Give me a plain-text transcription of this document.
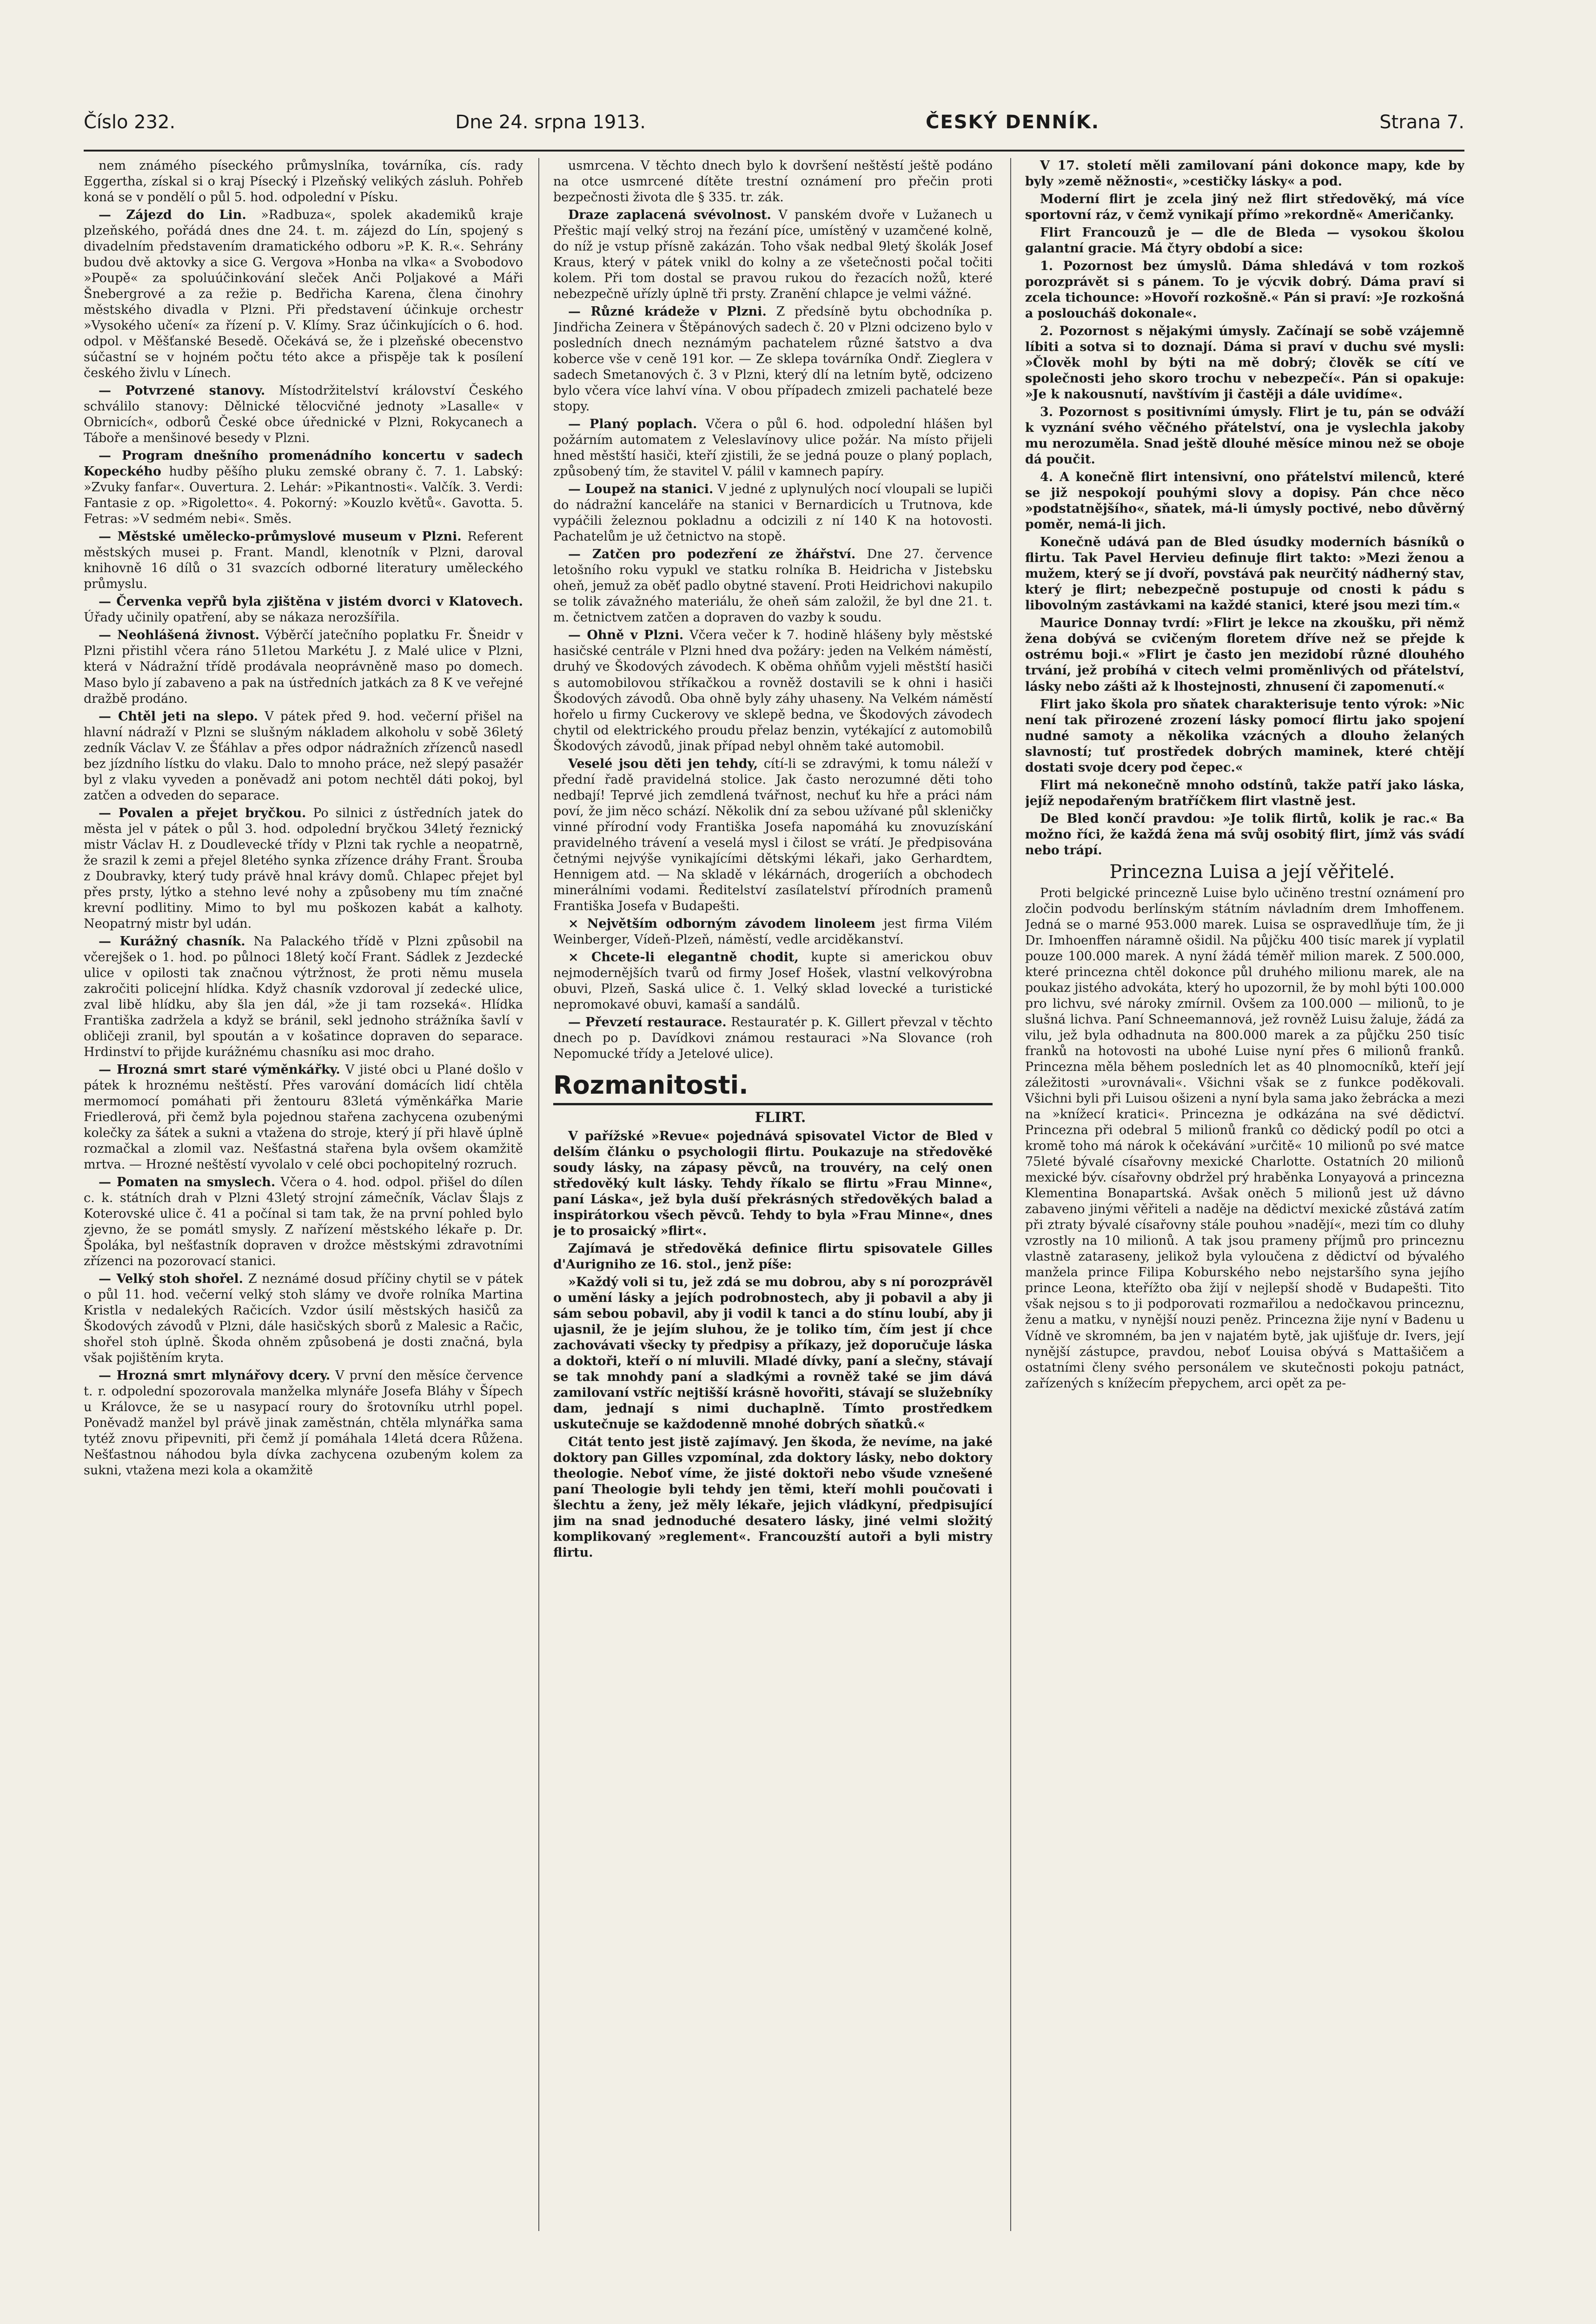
Číslo 232.	Dne 24. srpna 1913.	ČESKÝ DENNÍK.	Strana 7.

nem známého píseckého průmyslníka, továrníka, cís. rady Eggertha, získal si o kraj Písecký i Plzeňský velikých zásluh. Pohřeb koná se v pondělí o půl 5. hod. odpolední v Písku.

— Zájezd do Lin. »Radbuza«, spolek akademiků kraje plzeňského, pořádá dnes dne 24. t. m. zájezd do Lín, spojený s divadelním představením dramatického odboru »P. K. R.«. Sehrány budou dvě aktovky a sice G. Vergova »Honba na vlka« a Svobodovo »Poupě« za spoluúčinkování sleček Anči Poljakové a Máři Šnebergrové a za režie p. Bedřicha Karena, člena činohry městského divadla v Plzni. Při představení účinkuje orchestr »Vysokého učení« za řízení p. V. Klímy. Sraz účinkujících o 6. hod. odpol. v Měšťanské Besedě. Očekává se, že i plzeňské obecenstvo súčastní se v hojném počtu této akce a přispěje tak k posílení českého živlu v Línech.

— Potvrzené stanovy. Místodržitelství království Českého schválilo stanovy: Dělnické tělocvičné jednoty »Lasalle« v Obrnicích«, odborů České obce úřednické v Plzni, Rokycanech a Táboře a menšinové besedy v Plzni.

— Program dnešního promenádního koncertu v sadech Kopeckého hudby pěšího pluku zemské obrany č. 7. 1. Labský: »Zvuky fanfar«. Ouvertura. 2. Lehár: »Pikantnosti«. Valčík. 3. Verdi: Fantasie z op. »Rigoletto«. 4. Pokorný: »Kouzlo květů«. Gavotta. 5. Fetras: »V sedmém nebi«. Směs.

— Městské umělecko-průmyslové museum v Plzni. Referent městských musei p. Frant. Mandl, klenotník v Plzni, daroval knihovně 16 dílů o 31 svazcích odborné literatury uměleckého průmyslu.

— Červenka vepřů byla zjištěna v jistém dvorci v Klatovech. Úřady učinily opatření, aby se nákaza nerozšířila.

— Neohlášená živnost. Výběrčí jatečního poplatku Fr. Šneidr v Plzni přistihl včera ráno 51letou Markétu J. z Malé ulice v Plzni, která v Nádražní třídě prodávala neoprávněně maso po domech. Maso bylo jí zabaveno a pak na ústředních jatkách za 8 K ve veřejné dražbě prodáno.

— Chtěl jeti na slepo. V pátek před 9. hod. večerní přišel na hlavní nádraží v Plzni se slušným nákladem alkoholu v sobě 36letý zedník Václav V. ze Šťáhlav a přes odpor nádražních zřízenců nasedl bez jízdního lístku do vlaku. Dalo to mnoho práce, než slepý pasažér byl z vlaku vyveden a poněvadž ani potom nechtěl dáti pokoj, byl zatčen a odveden do separace.

— Povalen a přejet bryčkou. Po silnici z ústředních jatek do města jel v pátek o půl 3. hod. odpolední bryčkou 34letý řeznický mistr Václav H. z Doudlevecké třídy v Plzni tak rychle a neopatrně, že srazil k zemi a přejel 8letého synka zřízence dráhy Frant. Šrouba z Doubravky, který tudy právě hnal krávy domů. Chlapec přejet byl přes prsty, lýtko a stehno levé nohy a způsobeny mu tím značné krevní podlitiny. Mimo to byl mu poškozen kabát a kalhoty. Neopatrný mistr byl udán.

— Kurážný chasník. Na Palackého třídě v Plzni způsobil na včerejšek o 1. hod. po půlnoci 18letý kočí Frant. Sádlek z Jezdecké ulice v opilosti tak značnou výtržnost, že proti němu musela zakročiti policejní hlídka. Když chasník vzdoroval jí zedecké ulice, zval libě hlídku, aby šla jen dál, »že ji tam rozseká«. Hlídka Františka zadržela a když se bránil, sekl jednoho strážníka šavlí v obličeji zranil, byl spoután a v košatince dopraven do separace. Hrdinství to přijde kurážnému chasníku asi moc draho.

— Hrozná smrt staré výměnkářky. V jisté obci u Plané došlo v pátek k hroznému neštěstí. Přes varování domácích lidí chtěla mermomocí pomáhati při žentouru 83letá výměnkářka Marie Friedlerová, při čemž byla pojednou stařena zachycena ozubenými kolečky za šátek a sukni a vtažena do stroje, který jí při hlavě úplně rozmačkal a zlomil vaz. Nešťastná stařena byla ovšem okamžitě mrtva. — Hrozné neštěstí vyvolalo v celé obci pochopitelný rozruch.

— Pomaten na smyslech. Včera o 4. hod. odpol. přišel do dílen c. k. státních drah v Plzni 43letý strojní zámečník, Václav Šlajs z Koterovské ulice č. 41 a počínal si tam tak, že na první pohled bylo zjevno, že se pomátl smysly. Z nařízení městského lékaře p. Dr. Špoláka, byl nešťastník dopraven v drožce městskými zdravotními zřízenci na pozorovací stanici.

— Velký stoh shořel. Z neznámé dosud příčiny chytil se v pátek o půl 11. hod. večerní velký stoh slámy ve dvoře rolníka Martina Kristla v nedalekých Račicích. Vzdor úsilí městských hasičů za Škodových závodů v Plzni, dále hasičských sborů z Malesic a Račic, shořel stoh úplně. Škoda ohněm způsobená je dosti značná, byla však pojištěním kryta.

— Hrozná smrt mlynářovy dcery. V první den měsíce července t. r. odpolední spozorovala manželka mlynáře Josefa Bláhy v Šípech u Královce, že se u nasypací roury do šrotovníku utrhl popel. Poněvadž manžel byl právě jinak zaměstnán, chtěla mlynářka sama tytéž znovu připevniti, při čemž jí pomáhala 14letá dcera Růžena. Nešťastnou náhodou byla dívka zachycena ozubeným kolem za sukni, vtažena mezi kola a okamžitě

usmrcena. V těchto dnech bylo k dovršení neštěstí ještě podáno na otce usmrcené dítěte trestní oznámení pro přečin proti bezpečnosti života dle § 335. tr. zák.

Draze zaplacená svévolnost. V panském dvoře v Lužanech u Přeštic mají velký stroj na řezání píce, umístěný v uzamčené kolně, do níž je vstup přísně zakázán. Toho však nedbal 9letý školák Josef Kraus, který v pátek vnikl do kolny a ze všetečnosti počal točiti kolem. Při tom dostal se pravou rukou do řezacích nožů, které nebezpečně uřízly úplně tři prsty. Zranění chlapce je velmi vážné.

— Různé krádeže v Plzni. Z předsíně bytu obchodníka p. Jindřicha Zeinera v Štěpánových sadech č. 20 v Plzni odcizeno bylo v posledních dnech neznámým pachatelem různé šatstvo a dva koberce vše v ceně 191 kor. — Ze sklepa továrníka Ondř. Zieglera v sadech Smetanových č. 3 v Plzni, který dlí na letním bytě, odcizeno bylo včera více lahví vína. V obou případech zmizeli pachatelé beze stopy.

— Planý poplach. Včera o půl 6. hod. odpolední hlášen byl požárním automatem z Veleslavínovy ulice požár. Na místo přijeli hned městští hasiči, kteří zjistili, že se jedná pouze o planý poplach, způsobený tím, že stavitel V. pálil v kamnech papíry.

— Loupež na stanici. V jedné z uplynulých nocí vloupali se lupiči do nádražní kanceláře na stanici v Bernardicích u Trutnova, kde vypáčili železnou pokladnu a odcizili z ní 140 K na hotovosti. Pachatelům je už četnictvo na stopě.

— Zatčen pro podezření ze žhářství. Dne 27. července letošního roku vypukl ve statku rolníka B. Heidricha v Jistebsku oheň, jemuž za oběť padlo obytné stavení. Proti Heidrichovi nakupilo se tolik závažného materiálu, že oheň sám založil, že byl dne 21. t. m. četnictvem zatčen a dopraven do vazby k soudu.

— Ohně v Plzni. Včera večer k 7. hodině hlášeny byly městské hasičské centrále v Plzni hned dva požáry: jeden na Velkém náměstí, druhý ve Škodových závodech. K oběma ohňům vyjeli městští hasiči s automobilovou stříkačkou a rovněž dostavili se k ohni i hasiči Škodových závodů. Oba ohně byly záhy uhaseny. Na Velkém náměstí hořelo u firmy Cuckerovy ve sklepě bedna, ve Škodových závodech chytil od elektrického proudu přelaz benzin, vytékající z automobilů Škodových závodů, jinak případ nebyl ohněm také automobil.

Veselé jsou děti jen tehdy, cítí-li se zdravými, k tomu náleží v přední řadě pravidelná stolice. Jak často nerozumné děti toho nedbají! Teprvé jich zemdlená tvářnost, nechuť ku hře a práci nám poví, že jim něco schází. Několik dní za sebou užívané půl skleničky vinné přírodní vody Františka Josefa napomáhá ku znovuzískání pravidelného trávení a veselá mysl i čilost se vrátí. Je předpisována četnými nejvýše vynikajícími dětskými lékaři, jako Gerhardtem, Hennigem atd. — Na skladě v lékárnách, drogeriích a obchodech minerálními vodami. Ředitelství zasílatelství přírodních pramenů Františka Josefa v Budapešti.

× Největším odborným závodem linoleem jest firma Vilém Weinberger, Vídeň-Plzeň, náměstí, vedle arciděkanství.

× Chcete-li elegantně chodit, kupte si americkou obuv nejmodernějších tvarů od firmy Josef Hošek, vlastní velkovýrobna obuvi, Plzeň, Saská ulice č. 1. Velký sklad lovecké a turistické nepromokavé obuvi, kamaší a sandálů.

— Převzetí restaurace. Restauratér p. K. Gillert převzal v těchto dnech po p. Davídkovi známou restauraci »Na Slovance (roh Nepomucké třídy a Jetelové ulice).

Rozmanitosti.

FLIRT.

V pařížské »Revue« pojednává spisovatel Victor de Bled v delším článku o psychologii flirtu. Poukazuje na středověké soudy lásky, na zápasy pěvců, na trouvéry, na celý onen středověký kult lásky. Tehdy říkalo se flirtu »Frau Minne«, paní Láska«, jež byla duší překrásných středověkých balad a inspirátorkou všech pěvců. Tehdy to byla »Frau Minne«, dnes je to prosaický »flirt«.

Zajímavá je středověká definice flirtu spisovatele Gilles d'Aurigniho ze 16. stol., jenž píše:

»Každý voli si tu, jež zdá se mu dobrou, aby s ní porozprávěl o umění lásky a jejích podrobnostech, aby ji pobavil a aby ji sám sebou pobavil, aby ji vodil k tanci a do stínu loubí, aby ji ujasnil, že je jejím sluhou, že je toliko tím, čím jest jí chce zachovávati všecky ty předpisy a příkazy, jež doporučuje láska a doktoři, kteří o ní mluvili. Mladé dívky, paní a slečny, stávají se tak mnohdy paní a sladkými a rovněž také se jim dává zamilovaní vstříc nejtišší krásně hovořiti, stávají se služebníky dam, jednají s nimi duchaplně. Tímto prostředkem uskutečnuje se každodenně mnohé dobrých sňatků.«

Citát tento jest jistě zajímavý. Jen škoda, že nevíme, na jaké doktory pan Gilles vzpomínal, zda doktory lásky, nebo doktory theologie. Neboť víme, že jisté doktoři nebo všude vznešené paní Theologie byli tehdy jen těmi, kteří mohli poučovati i šlechtu a ženy, jež měly lékaře, jejich vládkyní, předpisující jim na snad jednoduché desatero lásky, jiné velmi složitý komplikovaný »reglement«. Francouzští autoři a byli mistry flirtu.

V 17. století měli zamilovaní páni dokonce mapy, kde by byly »země něžnosti«, »cestičky lásky« a pod.

Moderní flirt je zcela jiný než flirt středověký, má více sportovní ráz, v čemž vynikají přímo »rekordně« Američanky.

Flirt Francouzů je — dle de Bleda — vysokou školou galantní gracie. Má čtyry období a sice:

1. Pozornost bez úmyslů. Dáma shledává v tom rozkoš porozprávět si s pánem. To je výcvik dobrý. Dáma praví si zcela tichounce: »Hovoří rozkošně.« Pán si praví: »Je rozkošná a posloucháš dokonale«.

2. Pozornost s nějakými úmysly. Začínají se sobě vzájemně líbiti a sotva si to doznají. Dáma si praví v duchu své mysli: »Člověk mohl by býti na mě dobrý; člověk se cítí ve společnosti jeho skoro trochu v nebezpečí«. Pán si opakuje: »Je k nakousnutí, navštívím ji častěji a dále uvidíme«.

3. Pozornost s positivními úmysly. Flirt je tu, pán se odváží k vyznání svého věčného přátelství, ona je vyslechla jakoby mu nerozuměla. Snad ještě dlouhé měsíce minou než se oboje dá poučit.

4. A konečně flirt intensivní, ono přátelství milenců, které se již nespokojí pouhými slovy a dopisy. Pán chce něco »podstatnějšího«, sňatek, má-li úmysly poctivé, nebo důvěrný poměr, nemá-li jich.

Konečně udává pan de Bled úsudky moderních básníků o flirtu. Tak Pavel Hervieu definuje flirt takto: »Mezi ženou a mužem, který se jí dvoří, povstává pak neurčitý nádherný stav, který je flirt; nebezpečně postupuje od cnosti k pádu s libovolným zastávkami na každé stanici, které jsou mezi tím.«

Maurice Donnay tvrdí: »Flirt je lekce na zkoušku, při němž žena dobývá se cvičeným floretem dříve než se přejde k ostrému boji.« »Flirt je často jen mezidobí různé dlouhého trvání, jež probíhá v citech velmi proměnlivých od přátelství, lásky nebo zášti až k lhostejnosti, zhnusení či zapomenutí.«

Flirt jako škola pro sňatek charakterisuje tento výrok: »Nic není tak přirozené zrození lásky pomocí flirtu jako spojení nudné samoty a několika vzácných a dlouho želaných slavností; tuť prostředek dobrých maminek, které chtějí dostati svoje dcery pod čepec.«

Flirt má nekonečně mnoho odstínů, takže patří jako láska, jejíž nepodařeným bratříčkem flirt vlastně jest.

De Bled končí pravdou: »Je tolik flirtů, kolik je rac.« Ba možno říci, že každá žena má svůj osobitý flirt, jímž vás svádí nebo trápí.

Princezna Luisa a její věřitelé.

Proti belgické princezně Luise bylo učiněno trestní oznámení pro zločin podvodu berlínským státním návladním drem Imhoffenem. Jedná se o marné 953.000 marek. Luisa se ospravedlňuje tím, že ji Dr. Imhoenffen náramně ošidil. Na půjčku 400 tisíc marek jí vyplatil pouze 100.000 marek. A nyní žádá téměř milion marek. Z 500.000, které princezna chtěl dokonce půl druhého milionu marek, ale na poukaz jistého advokáta, který ho upozornil, že by mohl býti 100.000 pro lichvu, své nároky zmírnil. Ovšem za 100.000 — milionů, to je slušná lichva. Paní Schneemannová, jež rovněž Luisu žaluje, žádá za vilu, jež byla odhadnuta na 800.000 marek a za půjčku 250 tisíc franků na hotovosti na ubohé Luise nyní přes 6 milionů franků. Princezna měla během posledních let as 40 plnomocníků, kteří její záležitosti »urovnávali«. Všichni však se z funkce poděkovali. Všichni byli při Luisou ošizeni a nyní byla sama jako žebrácka a mezi na »knížecí kratici«. Princezna je odkázána na své dědictví. Princezna při odebral 5 milionů franků co dědický podíl po otci a kromě toho má nárok k očekávání »určitě« 10 milionů po své matce 75leté bývalé císařovny mexické Charlotte. Ostatních 20 milionů mexické býv. císařovny obdržel prý hraběnka Lonyayová a princezna Klementina Bonapartská. Avšak oněch 5 milionů jest už dávno zabaveno jinými věřiteli a naděje na dědictví mexické zůstává zatím při ztraty bývalé císařovny stále pouhou »nadějí«, mezi tím co dluhy vzrostly na 10 milionů. A tak jsou prameny příjmů pro princeznu vlastně zataraseny, jelikož byla vyloučena z dědictví od bývalého manžela prince Filipa Koburského nebo nejstaršího syna jejího prince Leona, kteřížto oba žijí v nejlepší shodě v Budapešti. Tito však nejsou s to ji podporovati rozmařilou a nedočkavou princeznu, ženu a matku, v nynější nouzi peněz. Princezna žije nyní v Badenu u Vídně ve skromném, ba jen v najatém bytě, jak ujišťuje dr. Ivers, její nynější zástupce, pravdou, neboť Louisa obývá s Mattašičem a ostatními členy svého personálem ve skutečnosti pokoju patnáct, zařízených s knížecím přepychem, arci opět za pe-
